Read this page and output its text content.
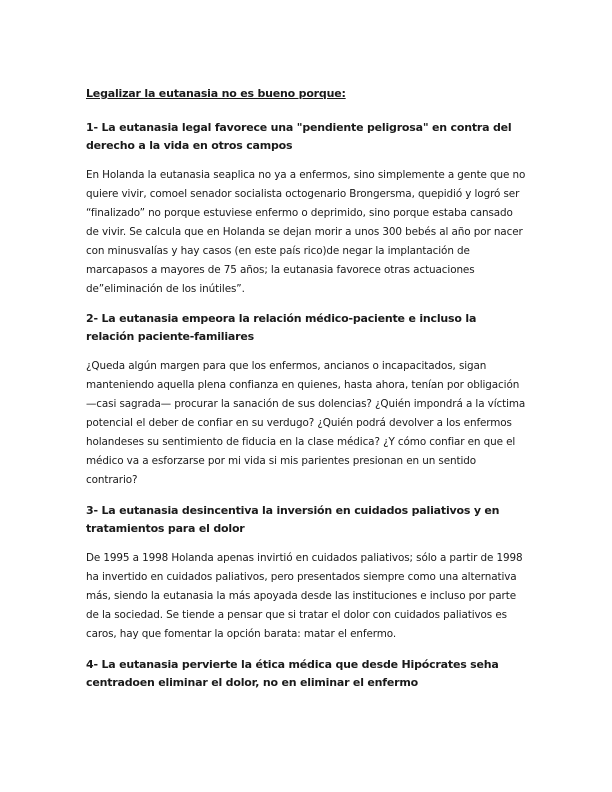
Legalizar la eutanasia no es bueno porque:

1- La eutanasia legal favorece una "pendiente peligrosa" en contra del derecho a la vida en otros campos

En Holanda la eutanasia seaplica no ya a enfermos, sino simplemente a gente que no quiere vivir, comoel senador socialista octogenario Brongersma, quepidió y logró ser “finalizado” no porque estuviese enfermo o deprimido, sino porque estaba cansado de vivir. Se calcula que en Holanda se dejan morir a unos 300 bebés al año por nacer con minusvalías y hay casos (en este país rico)de negar la implantación de marcapasos a mayores de 75 años; la eutanasia favorece otras actuaciones de”eliminación de los inútiles”.

2- La eutanasia empeora la relación médico-paciente e incluso la relación paciente-familiares

¿Queda algún margen para que los enfermos, ancianos o incapacitados, sigan manteniendo aquella plena confianza en quienes, hasta ahora, tenían por obligación —casi sagrada— procurar la sanación de sus dolencias? ¿Quién impondrá a la víctima potencial el deber de confiar en su verdugo? ¿Quién podrá devolver a los enfermos holandeses su sentimiento de fiducia en la clase médica? ¿Y cómo confiar en que el médico va a esforzarse por mi vida si mis parientes presionan en un sentido contrario?

3- La eutanasia desincentiva la inversión en cuidados paliativos y en tratamientos para el dolor

De 1995 a 1998 Holanda apenas invirtió en cuidados paliativos; sólo a partir de 1998 ha invertido en cuidados paliativos, pero presentados siempre como una alternativa más, siendo la eutanasia la más apoyada desde las instituciones e incluso por parte de la sociedad. Se tiende a pensar que si tratar el dolor con cuidados paliativos es caros, hay que fomentar la opción barata: matar el enfermo.

4- La eutanasia pervierte la ética médica que desde Hipócrates seha centradoen eliminar el dolor, no en eliminar el enfermo
